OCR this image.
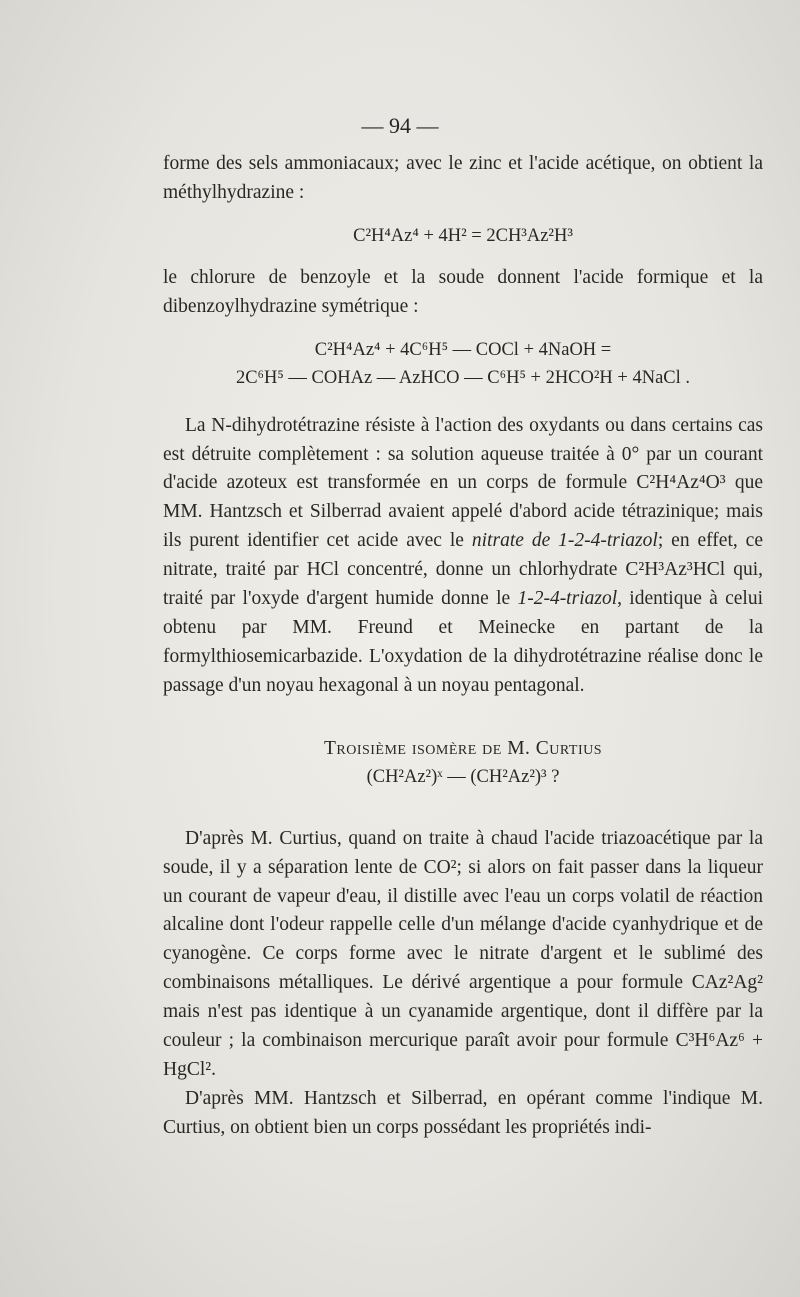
— 94 —

forme des sels ammoniacaux; avec le zinc et l'acide acétique, on obtient la méthylhydrazine :

C²H⁴Az⁴ + 4H² = 2CH³Az²H³

le chlorure de benzoyle et la soude donnent l'acide formique et la dibenzoylhydrazine symétrique :

C²H⁴Az⁴ + 4C⁶H⁵ — COCl + 4NaOH =

2C⁶H⁵ — COHAz — AzHCO — C⁶H⁵ + 2HCO²H + 4NaCl .

La N-dihydrotétrazine résiste à l'action des oxydants ou dans certains cas est détruite complètement : sa solution aqueuse traitée à 0° par un courant d'acide azoteux est transformée en un corps de formule C²H⁴Az⁴O³ que MM. Hantzsch et Silberrad avaient appelé d'abord acide tétrazinique; mais ils purent identifier cet acide avec le nitrate de 1-2-4-triazol; en effet, ce nitrate, traité par HCl concentré, donne un chlorhydrate C²H³Az³HCl qui, traité par l'oxyde d'argent humide donne le 1-2-4-triazol, identique à celui obtenu par MM. Freund et Meinecke en partant de la formylthiosemicarbazide. L'oxydation de la dihydrotétrazine réalise donc le passage d'un noyau hexagonal à un noyau pentagonal.

Troisième isomère de M. Curtius

(CH²Az²)ˣ — (CH²Az²)³ ?

D'après M. Curtius, quand on traite à chaud l'acide triazoacétique par la soude, il y a séparation lente de CO²; si alors on fait passer dans la liqueur un courant de vapeur d'eau, il distille avec l'eau un corps volatil de réaction alcaline dont l'odeur rappelle celle d'un mélange d'acide cyanhydrique et de cyanogène. Ce corps forme avec le nitrate d'argent et le sublimé des combinaisons métalliques. Le dérivé argentique a pour formule CAz²Ag² mais n'est pas identique à un cyanamide argentique, dont il diffère par la couleur ; la combinaison mercurique paraît avoir pour formule C³H⁶Az⁶ + HgCl².

D'après MM. Hantzsch et Silberrad, en opérant comme l'indique M. Curtius, on obtient bien un corps possédant les propriétés indi-
